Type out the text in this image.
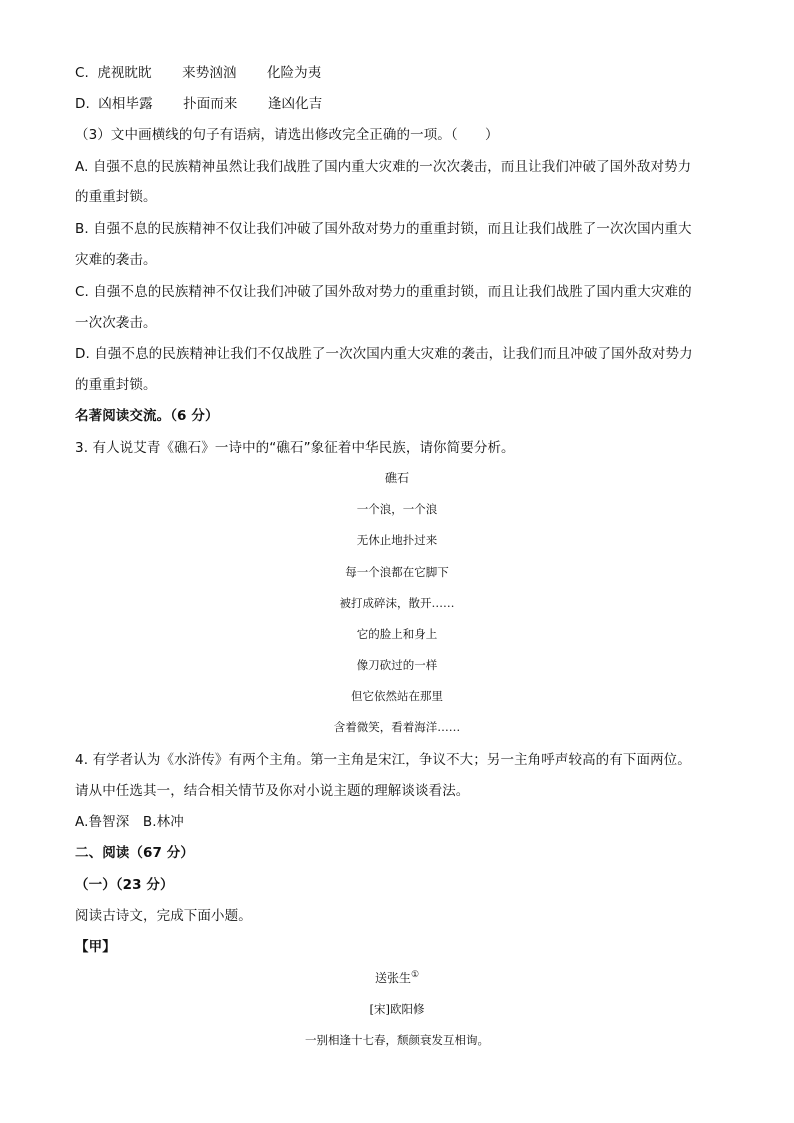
C. 虎视眈眈 来势汹汹 化险为夷
D. 凶相毕露 扑面而来 逢凶化吉
（3）文中画横线的句子有语病，请选出修改完全正确的一项。（　　）
A. 自强不息的民族精神虽然让我们战胜了国内重大灾难的一次次袭击，而且让我们冲破了国外敌对势力
的重重封锁。
B. 自强不息的民族精神不仅让我们冲破了国外敌对势力的重重封锁，而且让我们战胜了一次次国内重大
灾难的袭击。
C. 自强不息的民族精神不仅让我们冲破了国外敌对势力的重重封锁，而且让我们战胜了国内重大灾难的
一次次袭击。
D. 自强不息的民族精神让我们不仅战胜了一次次国内重大灾难的袭击，让我们而且冲破了国外敌对势力
的重重封锁。
名著阅读交流。（6 分）
3. 有人说艾青《礁石》一诗中的“礁石”象征着中华民族，请你简要分析。
礁石
一个浪，一个浪
无休止地扑过来
每一个浪都在它脚下
被打成碎沫，散开……
它的脸上和身上
像刀砍过的一样
但它依然站在那里
含着微笑，看着海洋……
4. 有学者认为《水浒传》有两个主角。第一主角是宋江，争议不大；另一主角呼声较高的有下面两位。
请从中任选其一，结合相关情节及你对小说主题的理解谈谈看法。
A.鲁智深　B.林冲
二、阅读（67 分）
（一）（23 分）
阅读古诗文，完成下面小题。
【甲】
送张生①
[宋]欧阳修
一别相逢十七春，颓颜衰发互相询。
